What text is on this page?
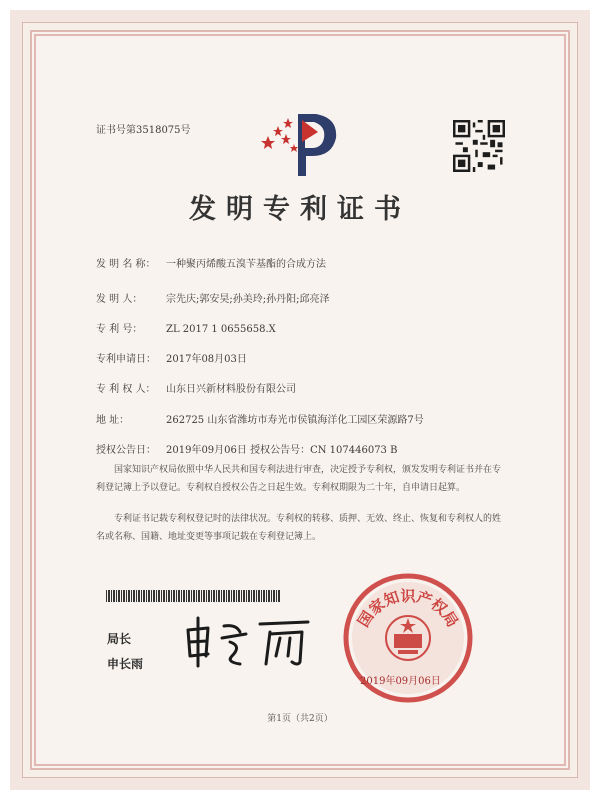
证书号第3518075号
发明专利证书
发 明 名 称： 一种聚丙烯酸五溴苄基酯的合成方法
发 明 人： 宗先庆;郭安昊;孙美玲;孙丹阳;邱亮泽
专 利 号： ZL 2017 1 0655658.X
专利申请日： 2017年08月03日
专 利 权 人： 山东日兴新材料股份有限公司
地 址：	262725 山东省潍坊市寿光市侯镇海洋化工园区荣源路7号
授权公告日： 2019年09月06日 授权公告号：CN 107446073 B
国家知识产权局依照中华人民共和国专利法进行审查，决定授予专利权，颁发发明专利证书并在专利登记簿上予以登记。专利权自授权公告之日起生效。专利权期限为二十年，自申请日起算。
专利证书记载专利权登记时的法律状况。专利权的转移、质押、无效、终止、恢复和专利权人的姓名或名称、国籍、地址变更等事项记载在专利登记簿上。
局长
申长雨
国家知识产权局
2019年09月06日
第1页（共2页）
